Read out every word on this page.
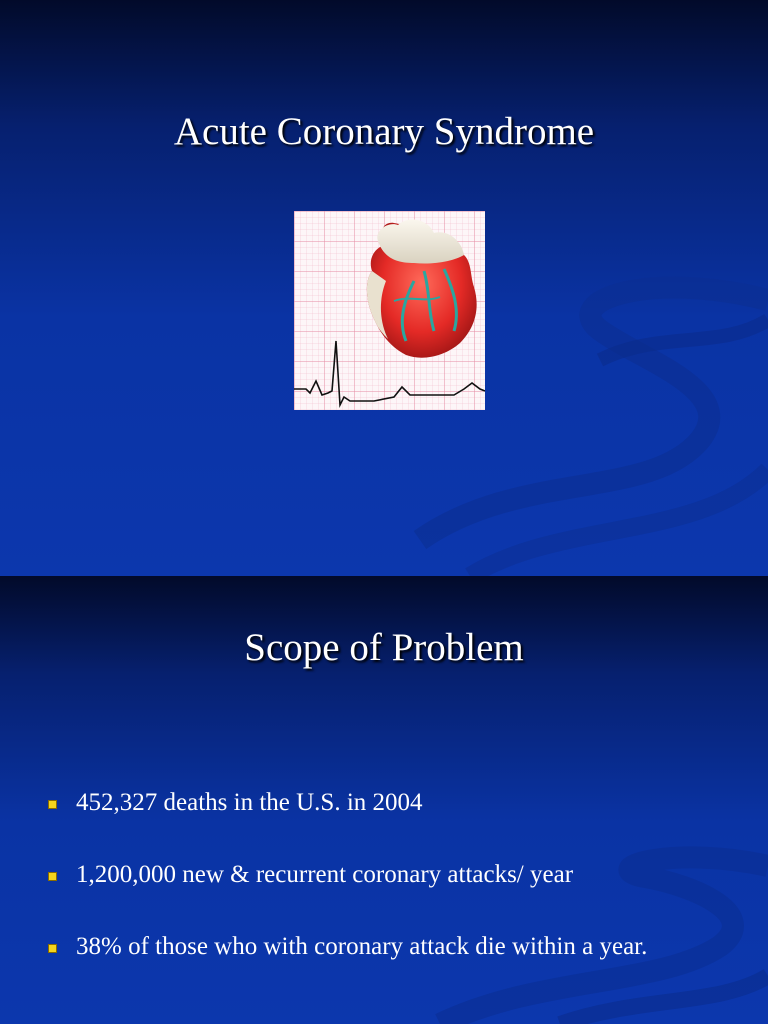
Acute Coronary Syndrome
Scope of Problem
452,327 deaths in the U.S. in 2004
1,200,000 new & recurrent coronary attacks/ year
38% of those who with coronary attack die within a year.
